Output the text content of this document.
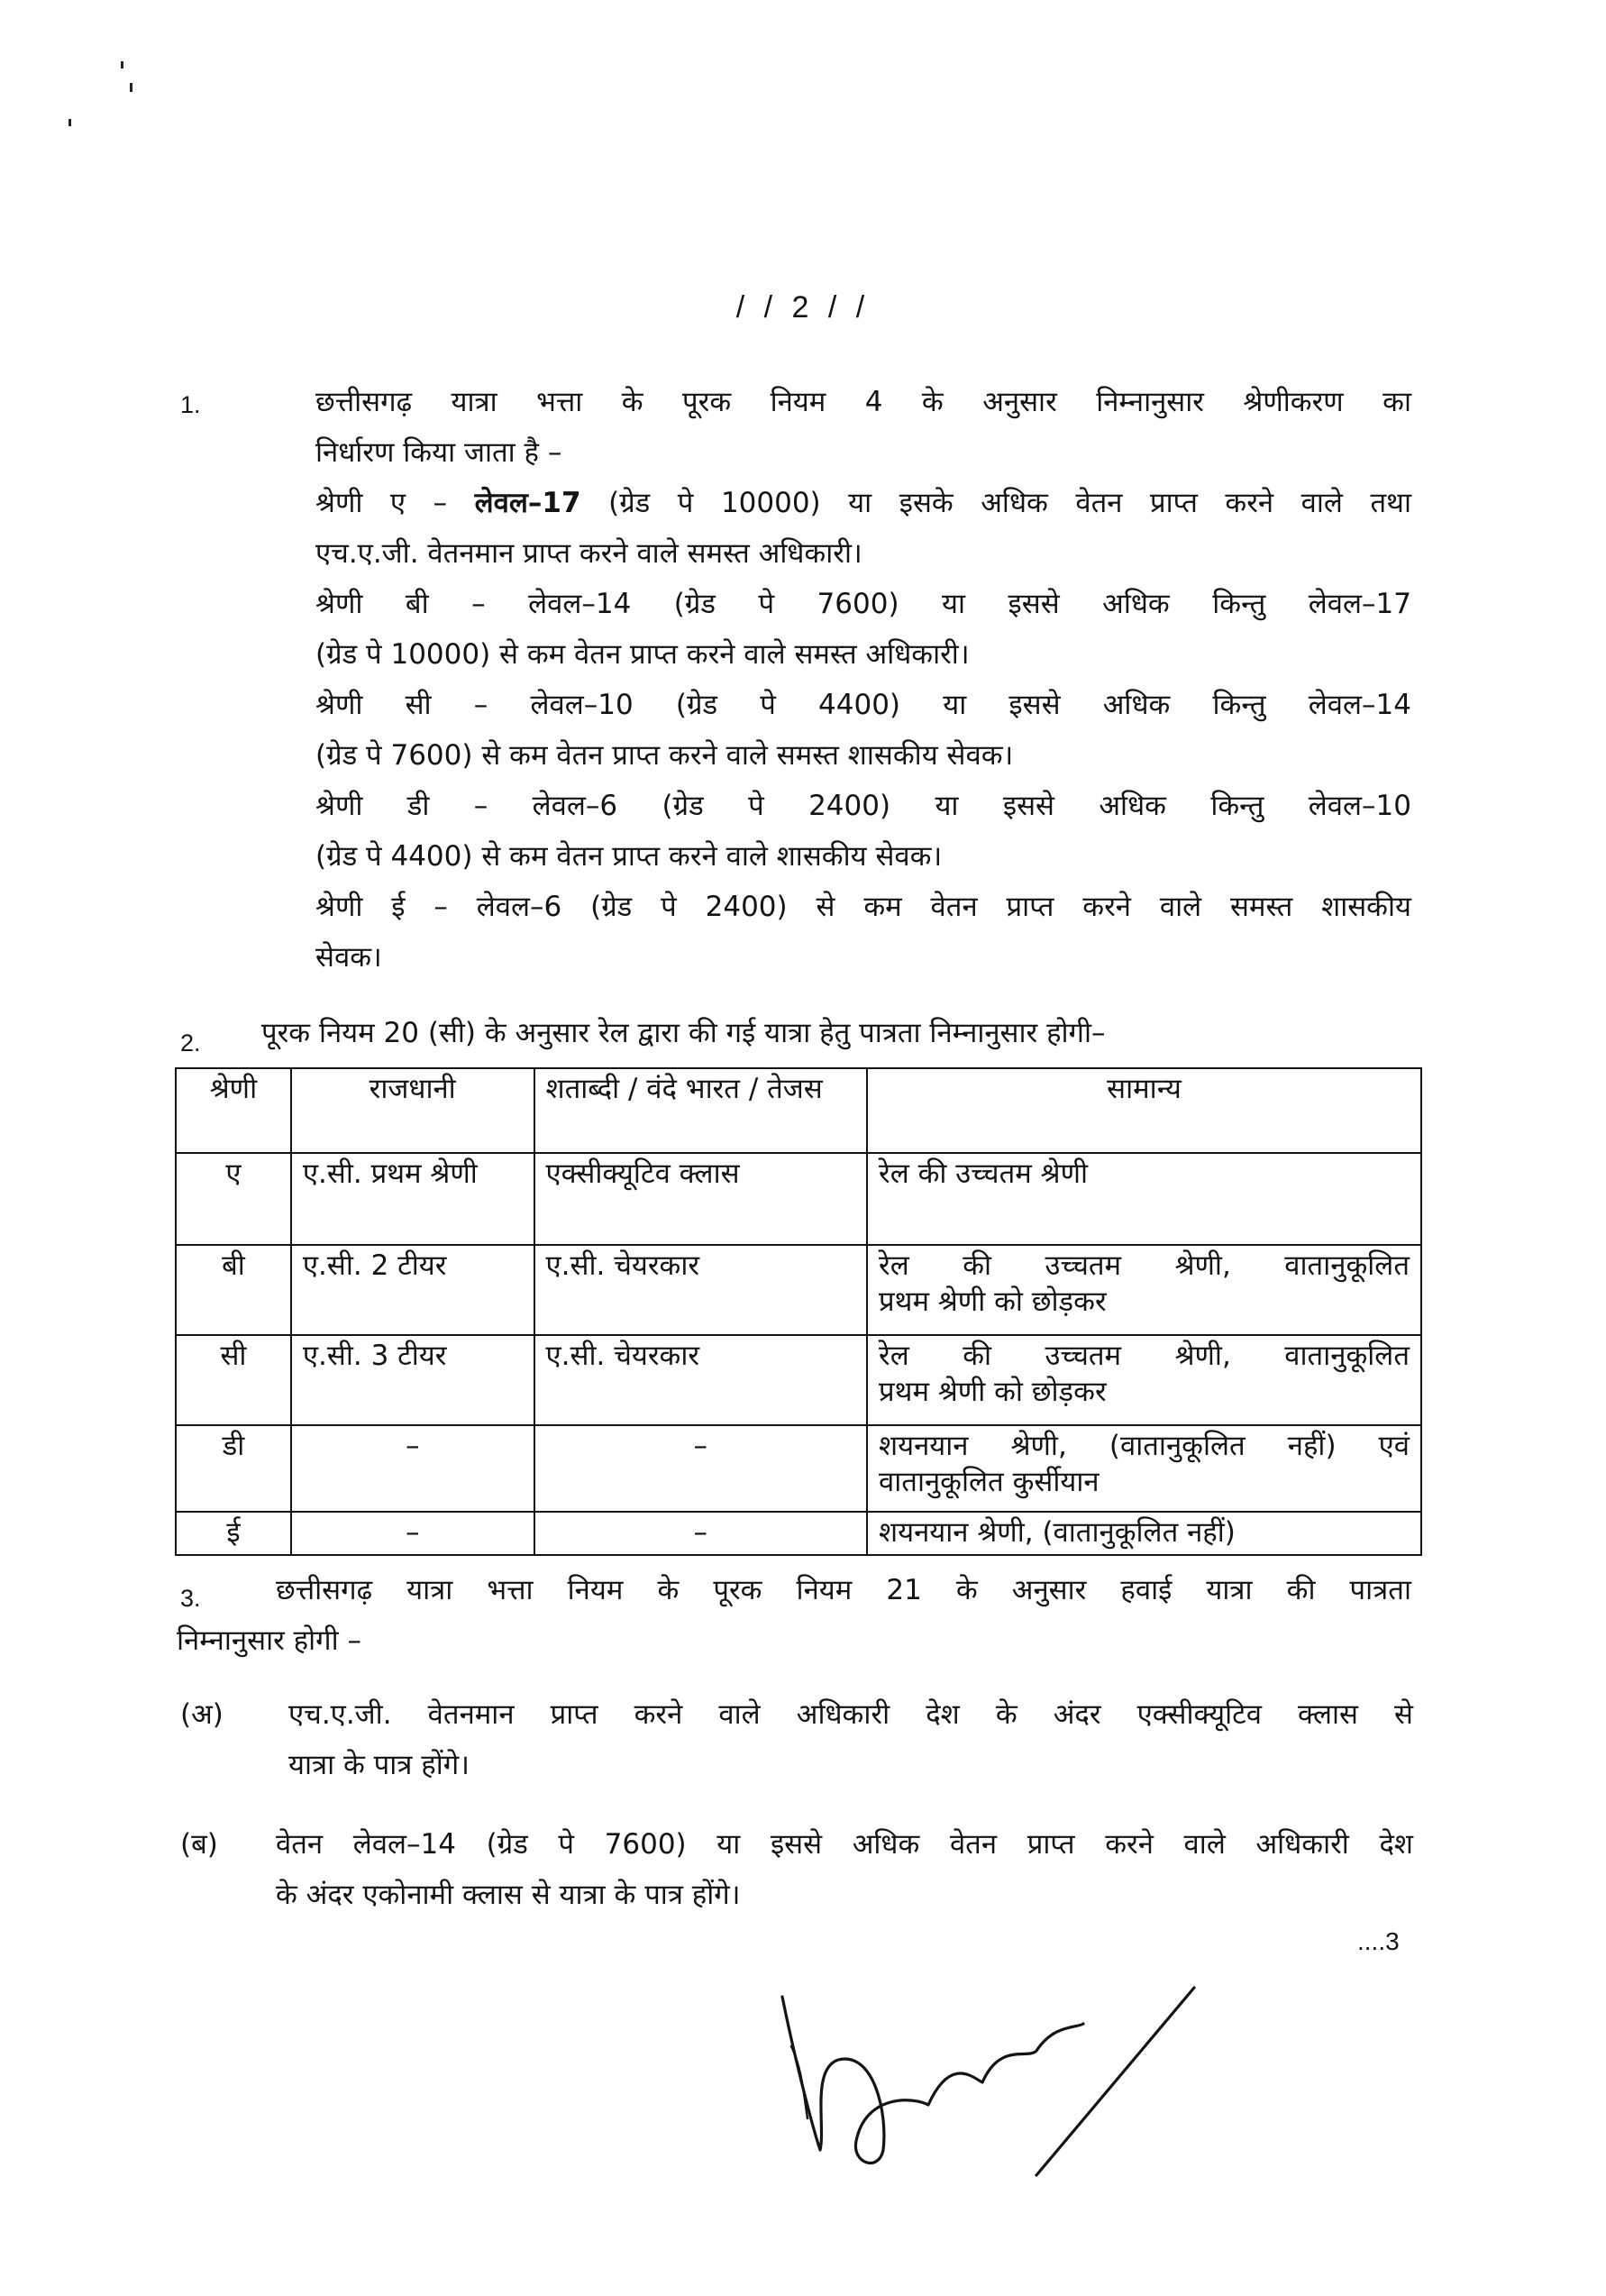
/ / 2 / /
1.	छत्तीसगढ़ यात्रा भत्ता के पूरक नियम 4 के अनुसार निम्नानुसार श्रेणीकरण का
निर्धारण किया जाता है –
श्रेणी ए – लेवल–17 (ग्रेड पे 10000) या इसके अधिक वेतन प्राप्त करने वाले तथा
एच.ए.जी. वेतनमान प्राप्त करने वाले समस्त अधिकारी।
श्रेणी बी – लेवल–14 (ग्रेड पे 7600) या इससे अधिक किन्तु लेवल–17
(ग्रेड पे 10000) से कम वेतन प्राप्त करने वाले समस्त अधिकारी।
श्रेणी सी – लेवल–10 (ग्रेड पे 4400) या इससे अधिक किन्तु लेवल–14
(ग्रेड पे 7600) से कम वेतन प्राप्त करने वाले समस्त शासकीय सेवक।
श्रेणी डी – लेवल–6 (ग्रेड पे 2400) या इससे अधिक किन्तु लेवल–10
(ग्रेड पे 4400) से कम वेतन प्राप्त करने वाले शासकीय सेवक।
श्रेणी ई – लेवल–6 (ग्रेड पे 2400) से कम वेतन प्राप्त करने वाले समस्त शासकीय
सेवक।
2. पूरक नियम 20 (सी) के अनुसार रेल द्वारा की गई यात्रा हेतु पात्रता निम्नानुसार होगी–
श्रेणी	राजधानी	शताब्दी / वंदे भारत / तेजस	सामान्य
ए	ए.सी. प्रथम श्रेणी	एक्सीक्यूटिव क्लास	रेल की उच्चतम श्रेणी

बी	ए.सी. 2 टीयर	ए.सी. चेयरकार	रेल की उच्चतम श्रेणी, वातानुकूलित
प्रथम श्रेणी को छोड़कर

सी	ए.सी. 3 टीयर	ए.सी. चेयरकार	रेल की उच्चतम श्रेणी, वातानुकूलित
प्रथम श्रेणी को छोड़कर

डी	–	–	शयनयान श्रेणी, (वातानुकूलित नहीं) एवं
वातानुकूलित कुर्सीयान

ई	–	–	शयनयान श्रेणी, (वातानुकूलित नहीं)
3.	छत्तीसगढ़ यात्रा भत्ता नियम के पूरक नियम 21 के अनुसार हवाई यात्रा की पात्रता
निम्नानुसार होगी –
(अ) एच.ए.जी. वेतनमान प्राप्त करने वाले अधिकारी देश के अंदर एक्सीक्यूटिव क्लास से
यात्रा के पात्र होंगे।
(ब) वेतन लेवल–14 (ग्रेड पे 7600) या इससे अधिक वेतन प्राप्त करने वाले अधिकारी देश
के अंदर एकोनामी क्लास से यात्रा के पात्र होंगे।
....3
